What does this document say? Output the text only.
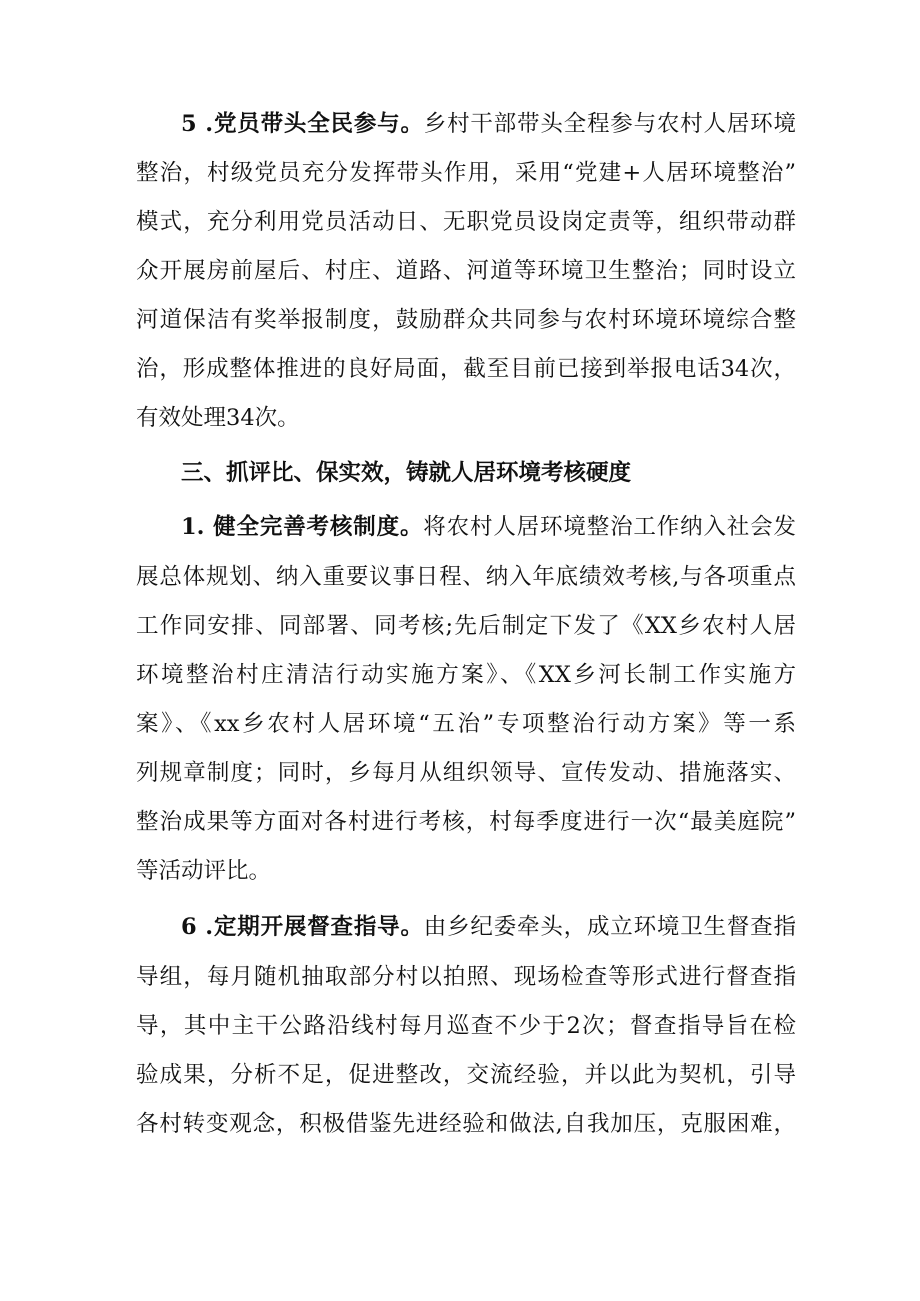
5 .党员带头全民参与。乡村干部带头全程参与农村人居环境
整治，村级党员充分发挥带头作用，采用“党建+人居环境整治”
模式，充分利用党员活动日、无职党员设岗定责等，组织带动群
众开展房前屋后、村庄、道路、河道等环境卫生整治；同时设立
河道保洁有奖举报制度，鼓励群众共同参与农村环境环境综合整
治，形成整体推进的良好局面，截至目前已接到举报电话34次，
有效处理34次。
三、抓评比、保实效，铸就人居环境考核硬度
1. 健全完善考核制度。将农村人居环境整治工作纳入社会发
展总体规划、纳入重要议事日程、纳入年底绩效考核,与各项重点
工作同安排、同部署、同考核;先后制定下发了《XX乡农村人居
环境整治村庄清洁行动实施方案》、《XX乡河长制工作实施方
案》、《xx乡农村人居环境“五治”专项整治行动方案》等一系
列规章制度；同时，乡每月从组织领导、宣传发动、措施落实、
整治成果等方面对各村进行考核，村每季度进行一次“最美庭院”
等活动评比。
6 .定期开展督查指导。由乡纪委牵头，成立环境卫生督查指
导组，每月随机抽取部分村以拍照、现场检查等形式进行督查指
导，其中主干公路沿线村每月巡查不少于2次；督查指导旨在检
验成果，分析不足，促进整改，交流经验，并以此为契机，引导
各村转变观念，积极借鉴先进经验和做法,自我加压，克服困难，
